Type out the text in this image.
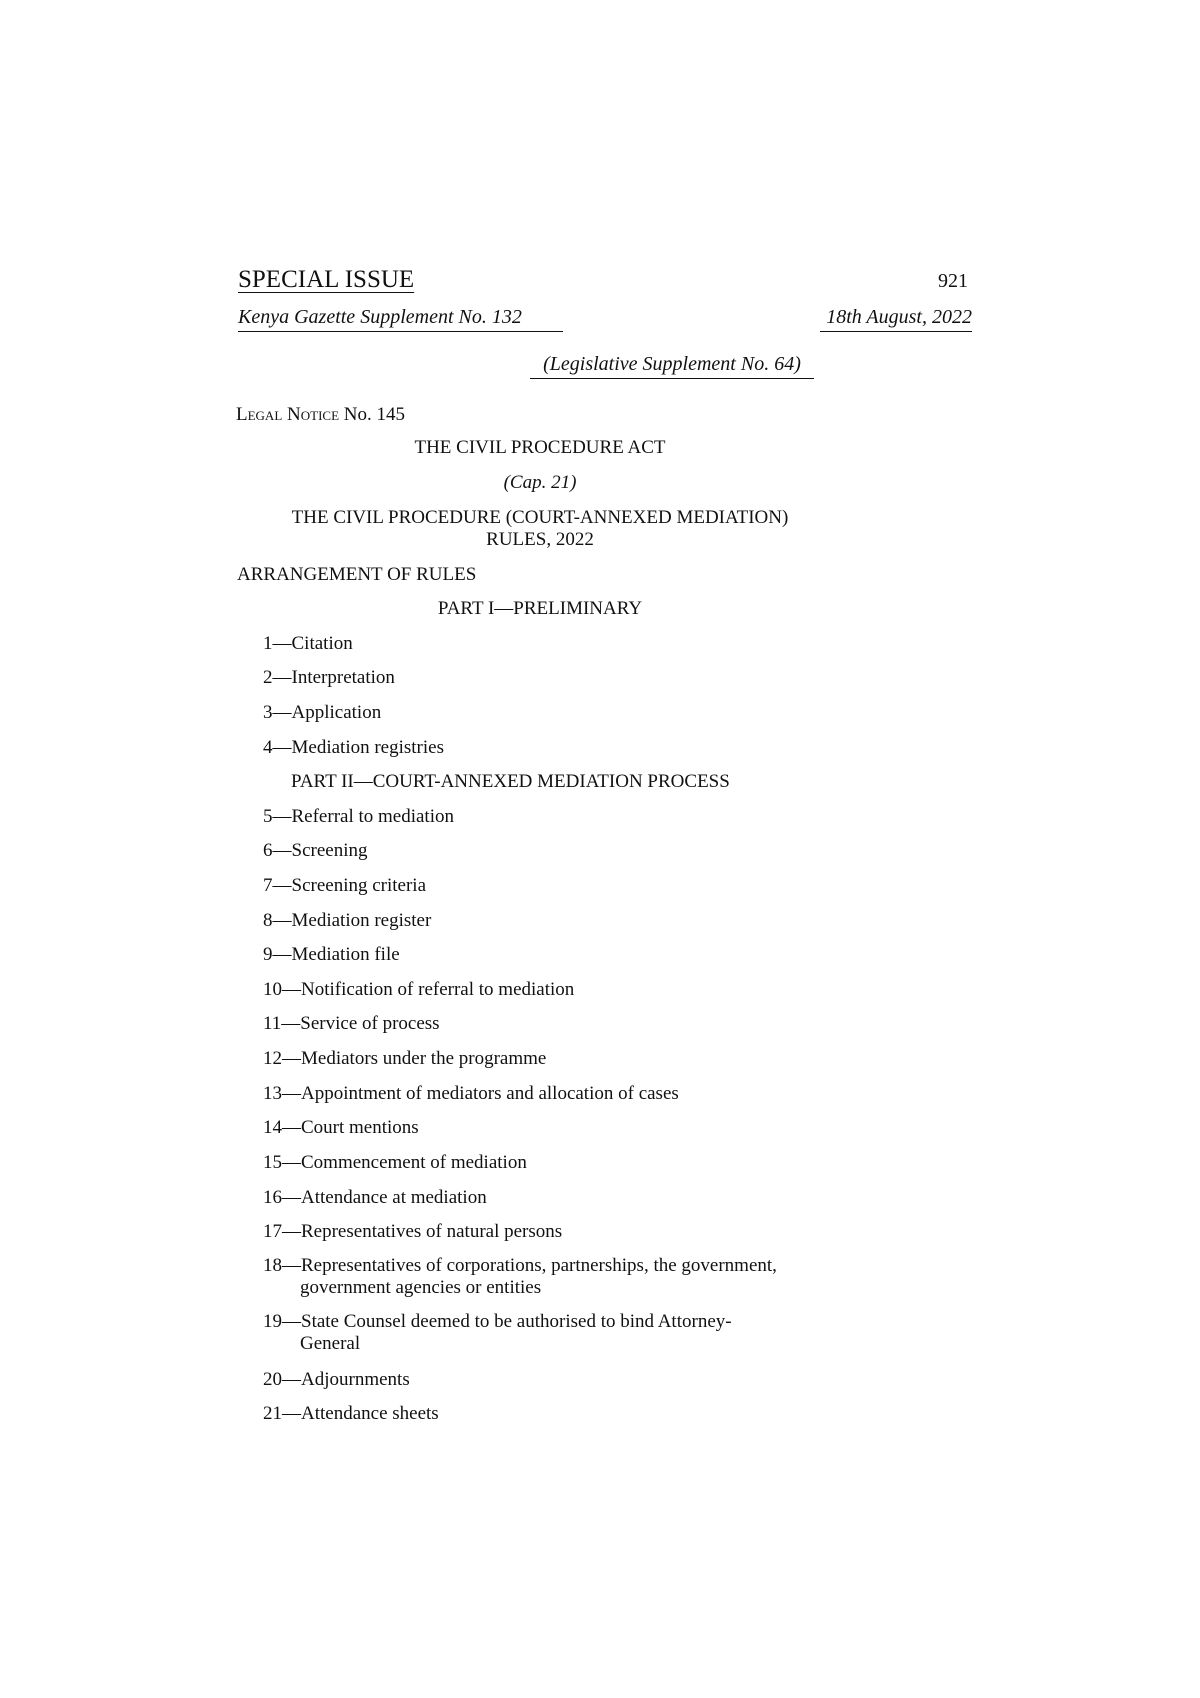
SPECIAL ISSUE	921
Kenya Gazette Supplement No. 132	18th August, 2022
(Legislative Supplement No. 64)
Legal Notice No. 145
THE CIVIL PROCEDURE ACT
(Cap. 21)
THE CIVIL PROCEDURE (COURT-ANNEXED MEDIATION)
RULES, 2022
ARRANGEMENT OF RULES
PART I—PRELIMINARY
1—Citation
2—Interpretation
3—Application
4—Mediation registries
PART II—COURT-ANNEXED MEDIATION PROCESS
5—Referral to mediation
6—Screening
7—Screening criteria
8—Mediation register
9—Mediation file
10—Notification of referral to mediation
11—Service of process
12—Mediators under the programme
13—Appointment of mediators and allocation of cases
14—Court mentions
15—Commencement of mediation
16—Attendance at mediation
17—Representatives of natural persons
18—Representatives of corporations, partnerships, the government,
government agencies or entities
19—State Counsel deemed to be authorised to bind Attorney-
General
20—Adjournments
21—Attendance sheets
